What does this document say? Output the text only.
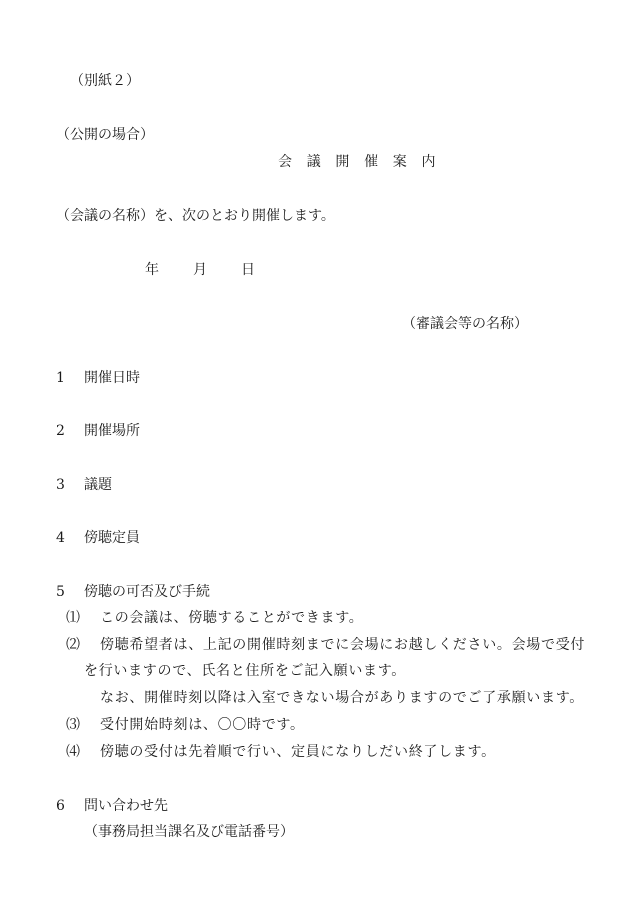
（別紙２）
（公開の場合）
会議開催案内
（会議の名称）を、次のとおり開催します。
年 月 日
（審議会等の名称）
1 開催日時
2 開催場所
3 議題
4 傍聴定員
5 傍聴の可否及び手続
⑴ この会議は、傍聴することができます。
⑵ 傍聴希望者は、上記の開催時刻までに会場にお越しください。会場で受付
を行いますので、氏名と住所をご記入願います。
なお、開催時刻以降は入室できない場合がありますのでご了承願います。
⑶ 受付開始時刻は、〇〇時です。
⑷ 傍聴の受付は先着順で行い、定員になりしだい終了します。
6 問い合わせ先
（事務局担当課名及び電話番号）
